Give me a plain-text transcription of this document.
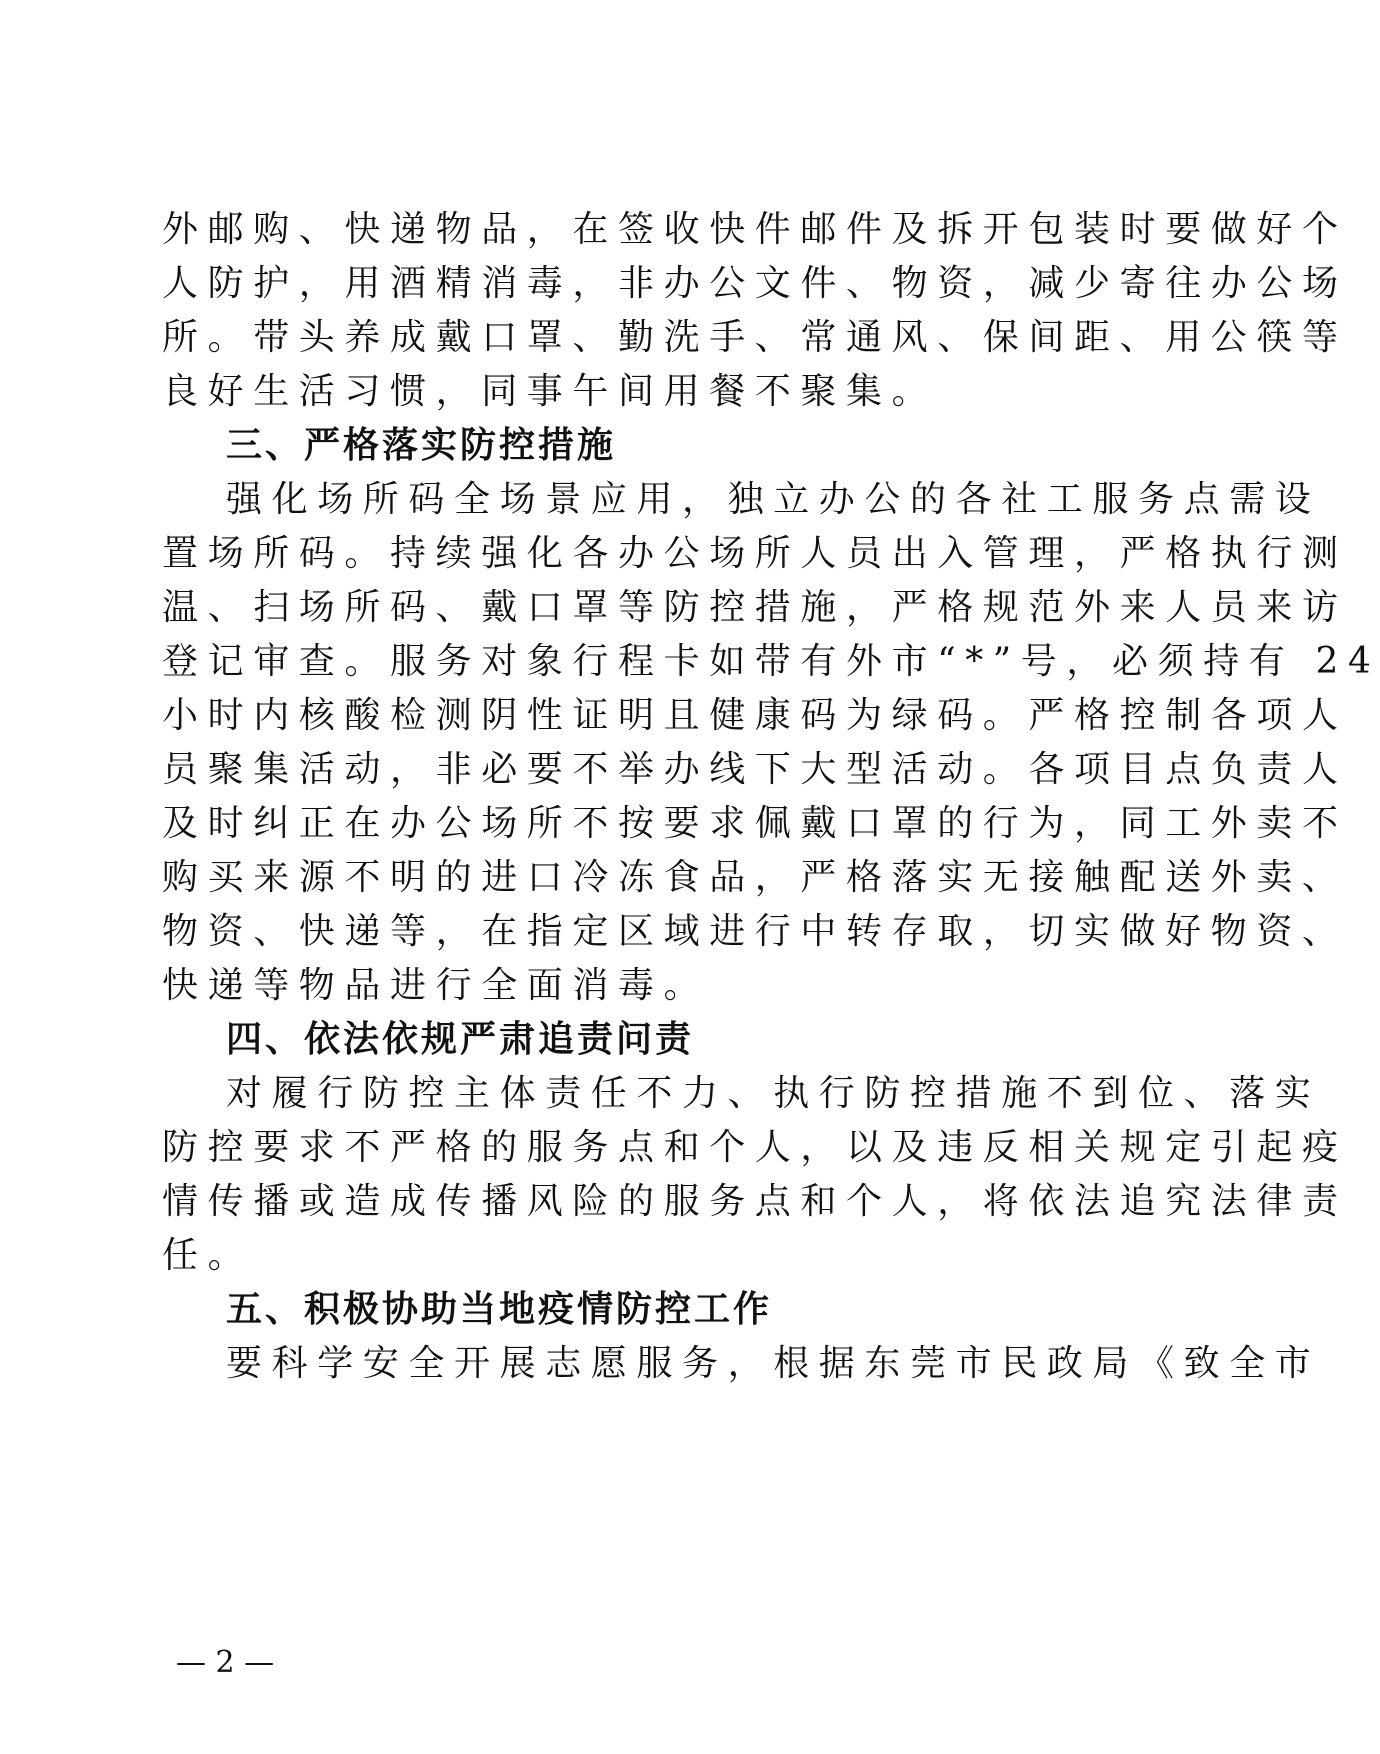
外邮购、快递物品，在签收快件邮件及拆开包装时要做好个
人防护，用酒精消毒，非办公文件、物资，减少寄往办公场
所。带头养成戴口罩、勤洗手、常通风、保间距、用公筷等
良好生活习惯，同事午间用餐不聚集。
三、严格落实防控措施
强化场所码全场景应用，独立办公的各社工服务点需设
置场所码。持续强化各办公场所人员出入管理，严格执行测
温、扫场所码、戴口罩等防控措施，严格规范外来人员来访
登记审查。服务对象行程卡如带有外市“*”号，必须持有 24
小时内核酸检测阴性证明且健康码为绿码。严格控制各项人
员聚集活动，非必要不举办线下大型活动。各项目点负责人
及时纠正在办公场所不按要求佩戴口罩的行为，同工外卖不
购买来源不明的进口冷冻食品，严格落实无接触配送外卖、
物资、快递等，在指定区域进行中转存取，切实做好物资、
快递等物品进行全面消毒。
四、依法依规严肃追责问责
对履行防控主体责任不力、执行防控措施不到位、落实
防控要求不严格的服务点和个人，以及违反相关规定引起疫
情传播或造成传播风险的服务点和个人，将依法追究法律责
任。
五、积极协助当地疫情防控工作
要科学安全开展志愿服务，根据东莞市民政局《致全市
— 2 —
